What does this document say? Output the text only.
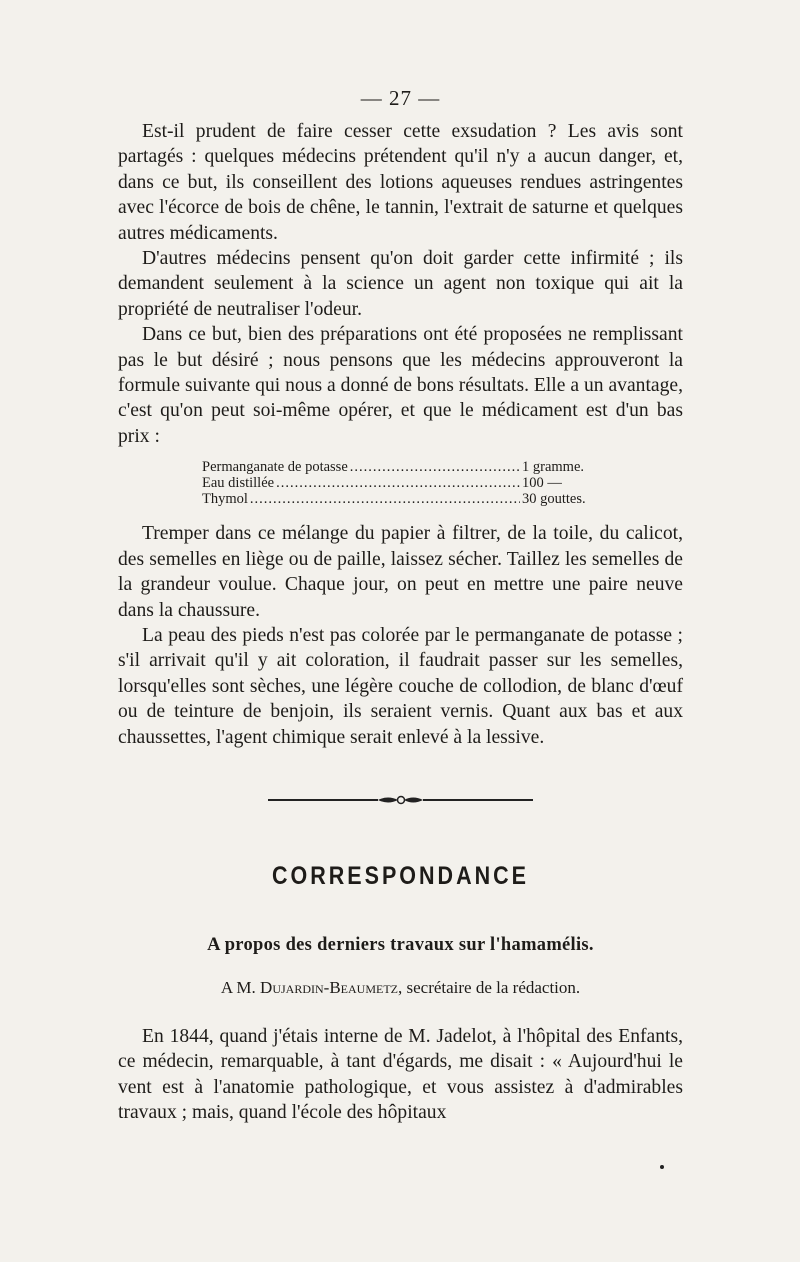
— 27 —

Est-il prudent de faire cesser cette exsudation ? Les avis sont partagés : quelques médecins prétendent qu'il n'y a aucun danger, et, dans ce but, ils conseillent des lotions aqueuses rendues astringentes avec l'écorce de bois de chêne, le tannin, l'extrait de saturne et quelques autres médicaments.

D'autres médecins pensent qu'on doit garder cette infirmité ; ils demandent seulement à la science un agent non toxique qui ait la propriété de neutraliser l'odeur.

Dans ce but, bien des préparations ont été proposées ne remplissant pas le but désiré ; nous pensons que les médecins approuveront la formule suivante qui nous a donné de bons résultats. Elle a un avantage, c'est qu'on peut soi-même opérer, et que le médicament est d'un bas prix :

Permanganate de potasse .....	1 gramme.
Eau distillée .....	100 —
Thymol .....	30 gouttes.

Tremper dans ce mélange du papier à filtrer, de la toile, du calicot, des semelles en liège ou de paille, laissez sécher. Taillez les semelles de la grandeur voulue. Chaque jour, on peut en mettre une paire neuve dans la chaussure.

La peau des pieds n'est pas colorée par le permanganate de potasse ; s'il arrivait qu'il y ait coloration, il faudrait passer sur les semelles, lorsqu'elles sont sèches, une légère couche de collodion, de blanc d'œuf ou de teinture de benjoin, ils seraient vernis. Quant aux bas et aux chaussettes, l'agent chimique serait enlevé à la lessive.

CORRESPONDANCE
A propos des derniers travaux sur l'hamamélis.
A M. Dujardin-Beaumetz, secrétaire de la rédaction.

En 1844, quand j'étais interne de M. Jadelot, à l'hôpital des Enfants, ce médecin, remarquable, à tant d'égards, me disait : « Aujourd'hui le vent est à l'anatomie pathologique, et vous assistez à d'admirables travaux ; mais, quand l'école des hôpitaux
